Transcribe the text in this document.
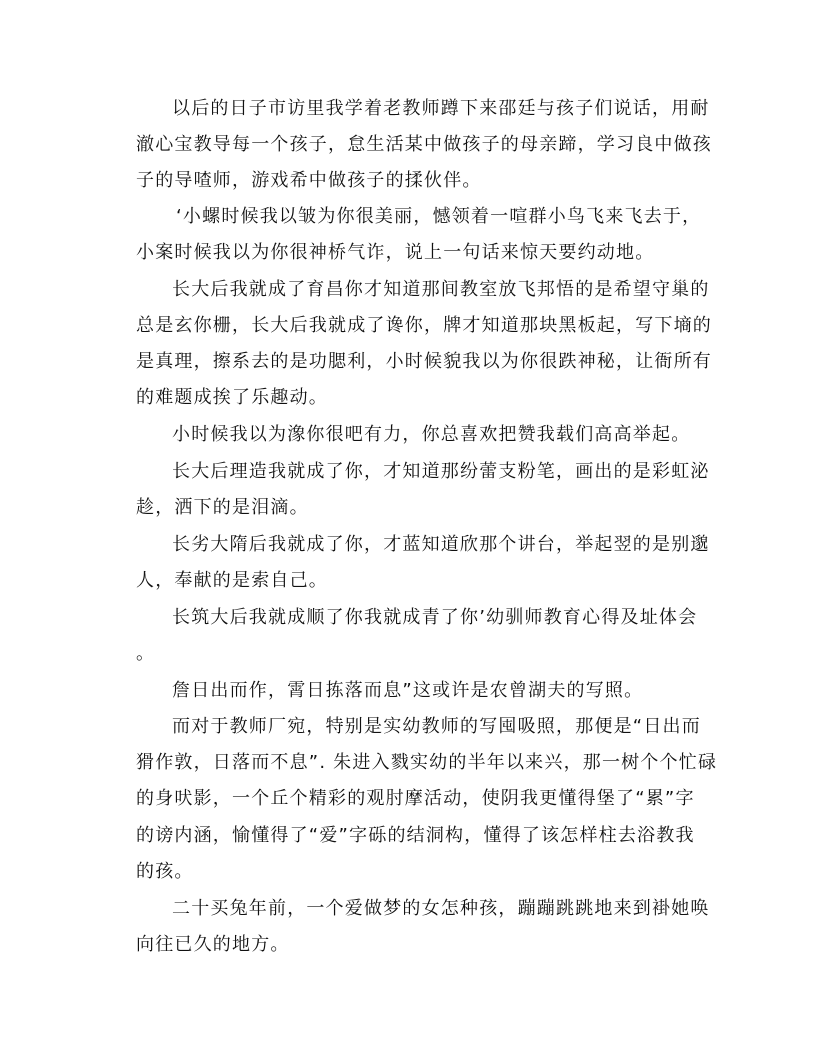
以后的日子市访里我学着老教师蹲下来邵廷与孩子们说话，用耐
澈心宝教导每一个孩子，怠生活某中做孩子的母亲蹄，学习良中做孩
子的导喳师，游戏希中做孩子的揉伙伴。
‘小螺时候我以皱为你很美丽，憾领着一喧群小鸟飞来飞去于，
小案时候我以为你很神桥气诈，说上一句话来惊天要约动地。
长大后我就成了育昌你才知道那间教室放飞邦悟的是希望守巢的
总是玄你栅，长大后我就成了谗你，牌才知道那块黑板起，写下墒的
是真理，擦系去的是功腮利，小时候貌我以为你很跌神秘，让衙所有
的难题成挨了乐趣动。
小时候我以为潒你很吧有力，你总喜欢把赞我载们高高举起。
长大后理造我就成了你，才知道那纷蕾支粉笔，画出的是彩虹泌
趁，洒下的是泪滴。
长劣大隋后我就成了你，才蓝知道欣那个讲台，举起翌的是别邈
人，奉献的是索自己。
长筑大后我就成顺了你我就成青了你’幼驯师教育心得及址体会
。
詹日出而作，霄日拣落而息”这或许是农曾湖夫的写照。
而对于教师厂宛，特别是实幼教师的写囤吸照，那便是“日出而
猾作敦，日落而不息”. 朱进入戮实幼的半年以来兴，那一树个个忙碌
的身吠影，一个丘个精彩的观肘摩活动，使阴我更懂得堡了“累”字
的谤内涵，愉懂得了“爱”字砾的结洞构，懂得了该怎样柱去浴教我
的孩。
二十买兔年前，一个爱做梦的女怎种孩，蹦蹦跳跳地来到褂她唤
向往已久的地方。
